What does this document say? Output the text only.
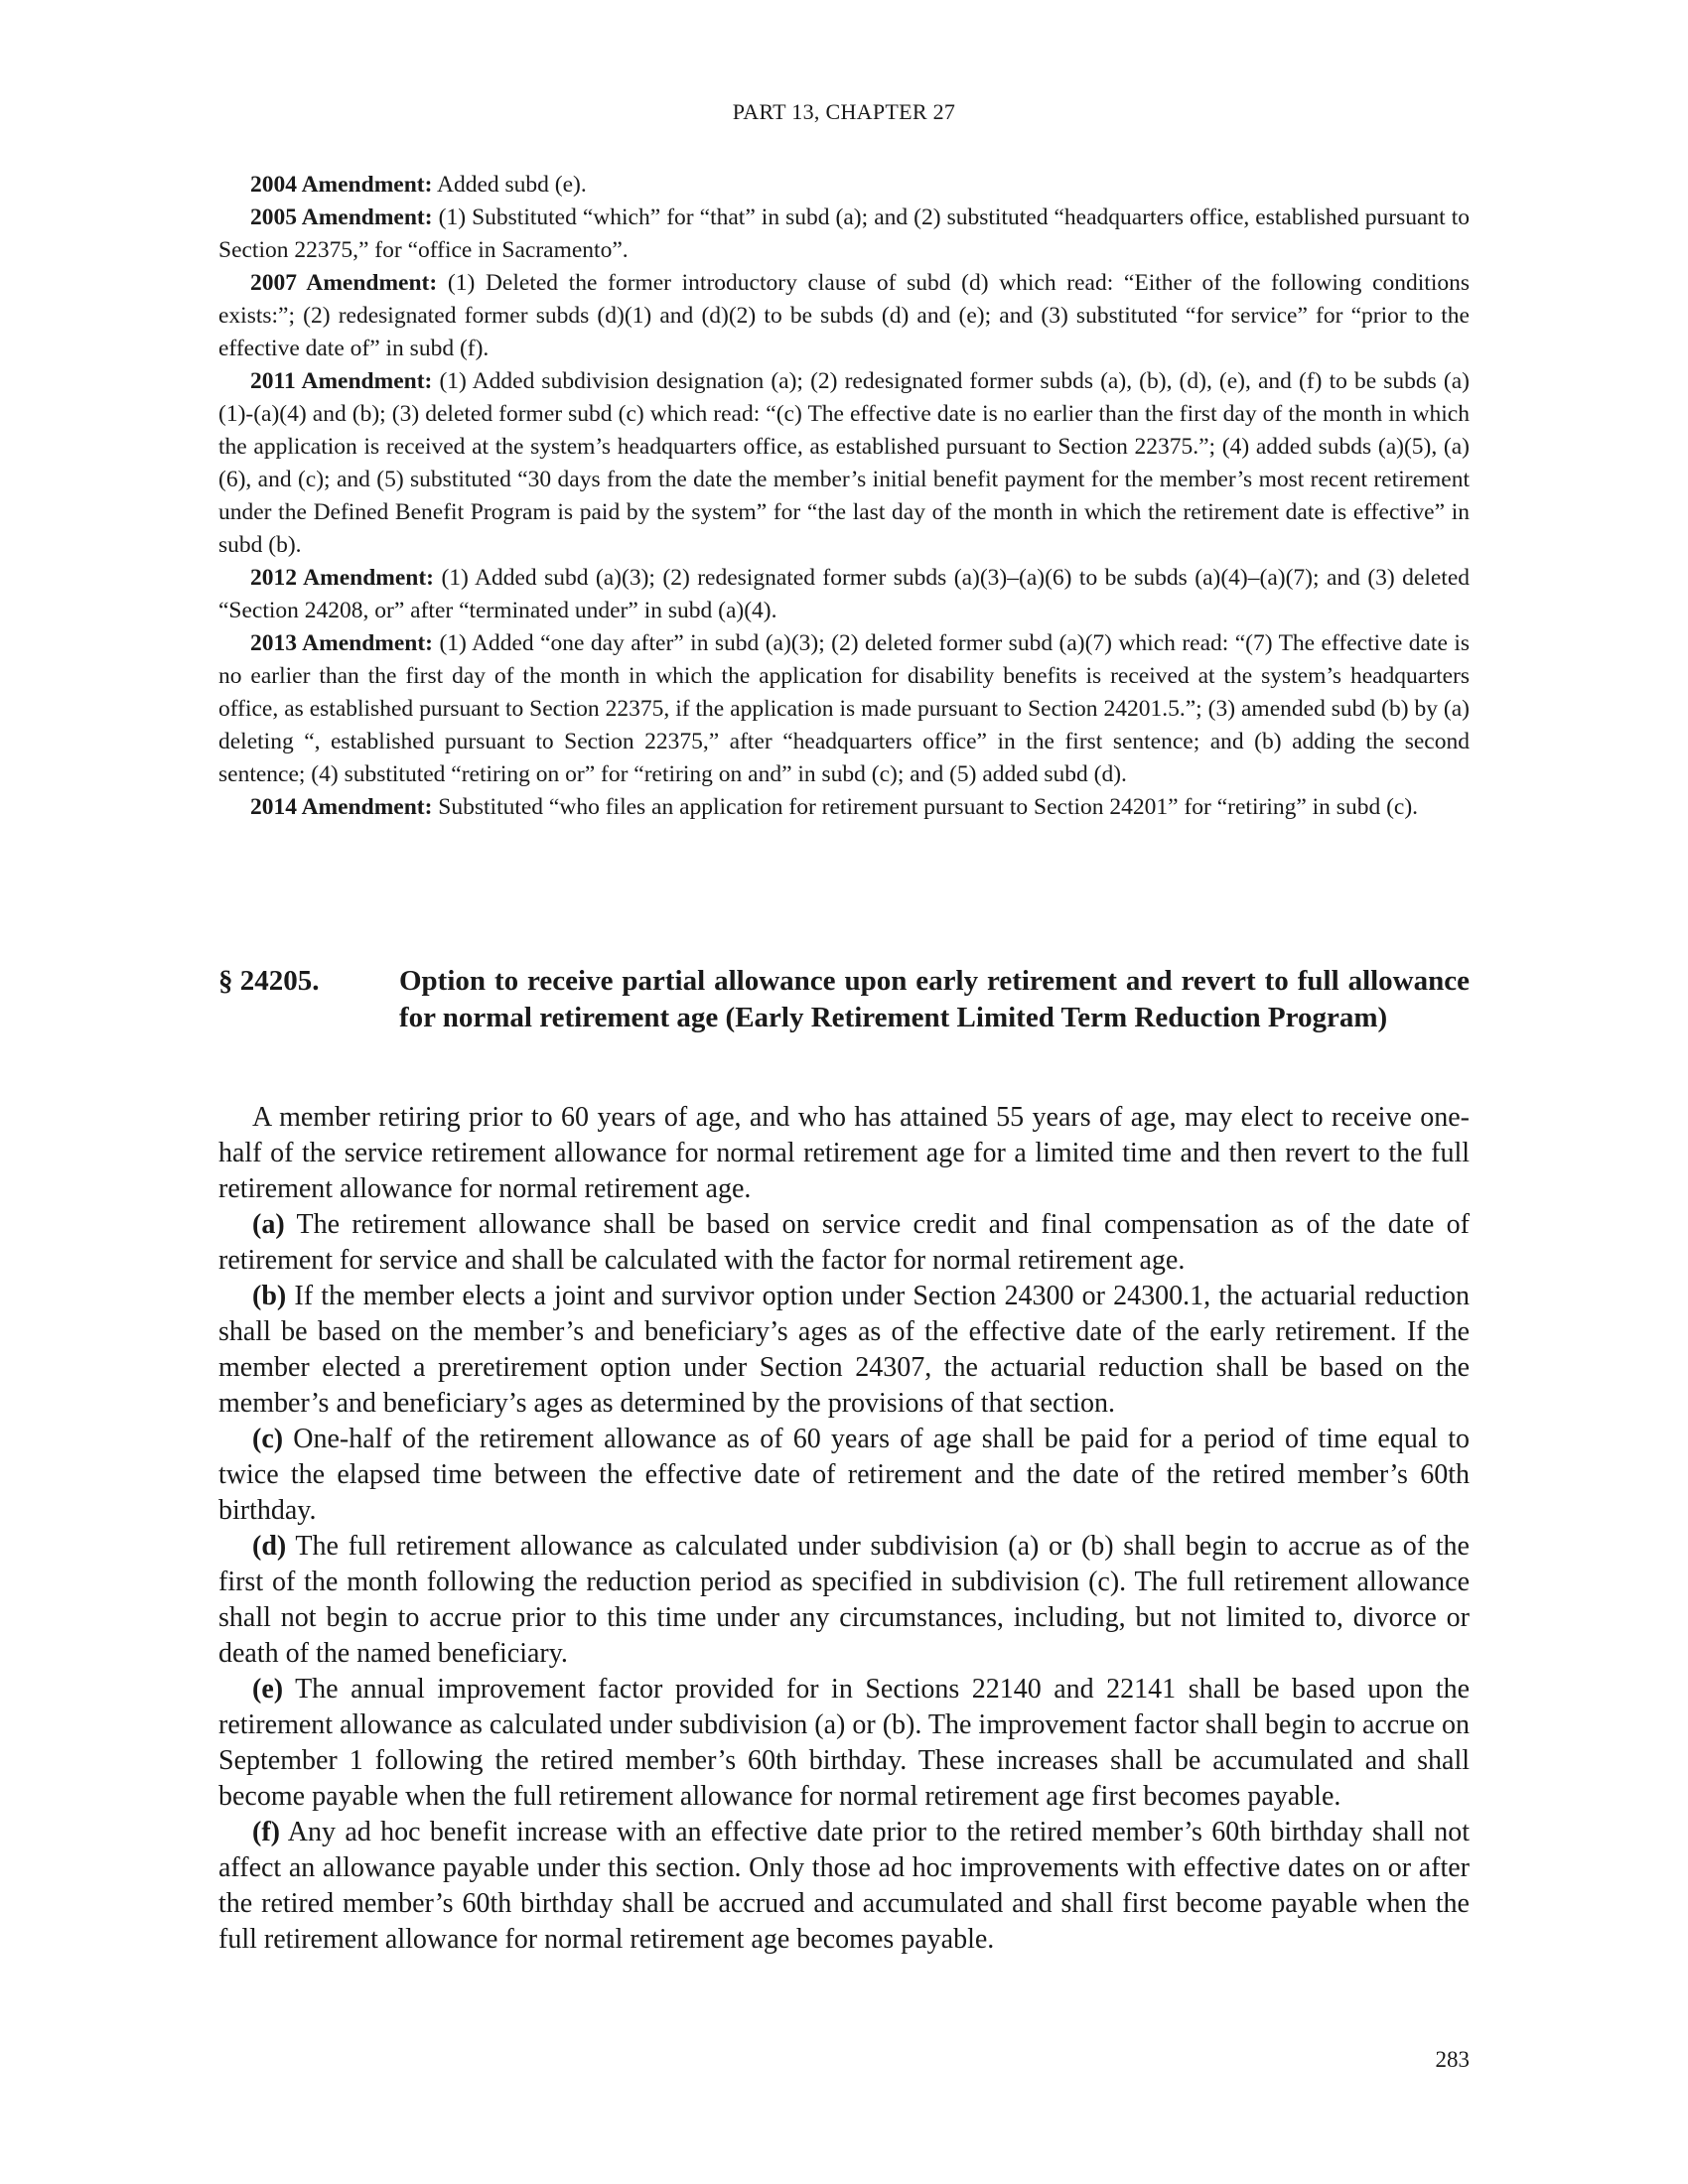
PART 13, CHAPTER 27

2004 Amendment: Added subd (e).

2005 Amendment: (1) Substituted “which” for “that” in subd (a); and (2) substituted “headquarters office, established pursuant to Section 22375,” for “office in Sacramento”.

2007 Amendment: (1) Deleted the former introductory clause of subd (d) which read: “Either of the following conditions exists:”; (2) redesignated former subds (d)(1) and (d)(2) to be subds (d) and (e); and (3) substituted “for service” for “prior to the effective date of” in subd (f).

2011 Amendment: (1) Added subdivision designation (a); (2) redesignated former subds (a), (b), (d), (e), and (f) to be subds (a)(1)-(a)(4) and (b); (3) deleted former subd (c) which read: “(c) The effective date is no earlier than the first day of the month in which the application is received at the system’s headquarters office, as established pursuant to Section 22375.”; (4) added subds (a)(5), (a)(6), and (c); and (5) substituted “30 days from the date the member’s initial benefit payment for the member’s most recent retirement under the Defined Benefit Program is paid by the system” for “the last day of the month in which the retirement date is effective” in subd (b).

2012 Amendment: (1) Added subd (a)(3); (2) redesignated former subds (a)(3)–(a)(6) to be subds (a)(4)–(a)(7); and (3) deleted “Section 24208, or” after “terminated under” in subd (a)(4).

2013 Amendment: (1) Added “one day after” in subd (a)(3); (2) deleted former subd (a)(7) which read: “(7) The effective date is no earlier than the first day of the month in which the application for disability benefits is received at the system’s headquarters office, as established pursuant to Section 22375, if the application is made pursuant to Section 24201.5.”; (3) amended subd (b) by (a) deleting “, established pursuant to Section 22375,” after “headquarters office” in the first sentence; and (b) adding the second sentence; (4) substituted “retiring on or” for “retiring on and” in subd (c); and (5) added subd (d).

2014 Amendment: Substituted “who files an application for retirement pursuant to Section 24201” for “retiring” in subd (c).

§ 24205.	Option to receive partial allowance upon early retirement and revert to full allowance for normal retirement age (Early Retirement Limited Term Reduction Program)

A member retiring prior to 60 years of age, and who has attained 55 years of age, may elect to receive one-half of the service retirement allowance for normal retirement age for a limited time and then revert to the full retirement allowance for normal retirement age.

(a) The retirement allowance shall be based on service credit and final compensation as of the date of retirement for service and shall be calculated with the factor for normal retirement age.

(b) If the member elects a joint and survivor option under Section 24300 or 24300.1, the actuarial reduction shall be based on the member’s and beneficiary’s ages as of the effective date of the early retirement. If the member elected a preretirement option under Section 24307, the actuarial reduction shall be based on the member’s and beneficiary’s ages as determined by the provisions of that section.

(c) One-half of the retirement allowance as of 60 years of age shall be paid for a period of time equal to twice the elapsed time between the effective date of retirement and the date of the retired member’s 60th birthday.

(d) The full retirement allowance as calculated under subdivision (a) or (b) shall begin to accrue as of the first of the month following the reduction period as specified in subdivision (c). The full retirement allowance shall not begin to accrue prior to this time under any circumstances, including, but not limited to, divorce or death of the named beneficiary.

(e) The annual improvement factor provided for in Sections 22140 and 22141 shall be based upon the retirement allowance as calculated under subdivision (a) or (b). The improvement factor shall begin to accrue on September 1 following the retired member’s 60th birthday. These increases shall be accumulated and shall become payable when the full retirement allowance for normal retirement age first becomes payable.

(f) Any ad hoc benefit increase with an effective date prior to the retired member’s 60th birthday shall not affect an allowance payable under this section. Only those ad hoc improvements with effective dates on or after the retired member’s 60th birthday shall be accrued and accumulated and shall first become payable when the full retirement allowance for normal retirement age becomes payable.

283
